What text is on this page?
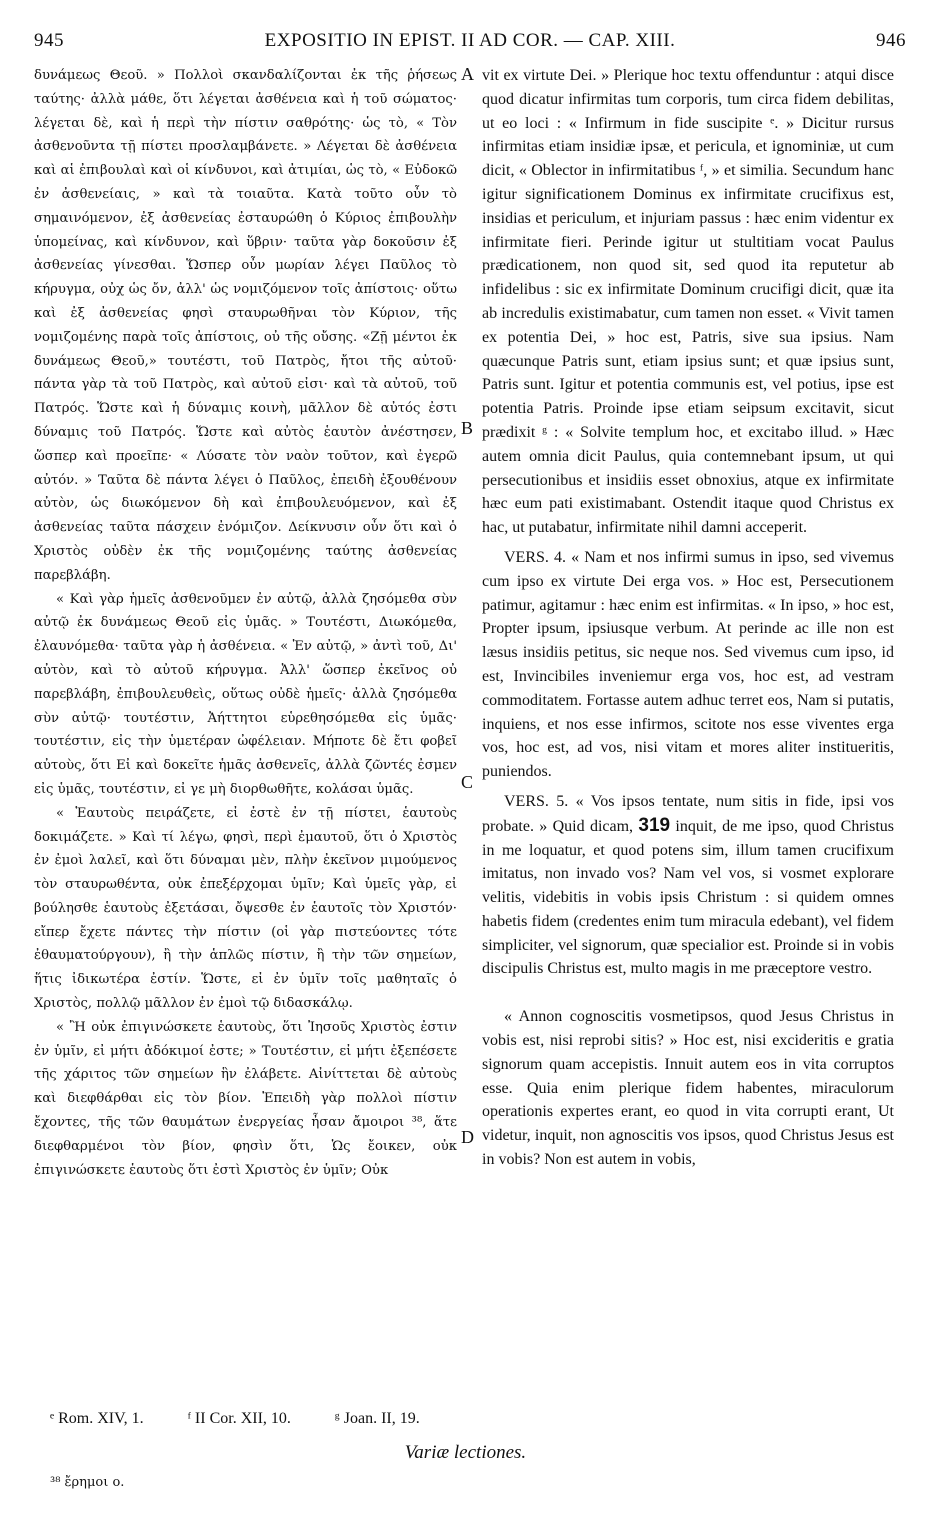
945	EXPOSITIO IN EPIST. II AD COR. — CAP. XIII.	946

δυνάμεως Θεοῦ. » Πολλοὶ σκανδαλίζονται ἐκ τῆς ῥήσεως ταύτης· ἀλλὰ μάθε, ὅτι λέγεται ἀσθένεια καὶ ἡ τοῦ σώματος· λέγεται δὲ, καὶ ἡ περὶ τὴν πίστιν σαθρότης· ὡς τὸ, « Τὸν ἀσθενοῦντα τῇ πίστει προσλαμβάνετε. » Λέγεται δὲ ἀσθένεια καὶ αἱ ἐπιβουλαὶ καὶ οἱ κίνδυνοι, καὶ ἀτιμίαι, ὡς τὸ, « Εὐδοκῶ ἐν ἀσθενείαις, » καὶ τὰ τοιαῦτα. Κατὰ τοῦτο οὖν τὸ σημαινόμενον, ἐξ ἀσθενείας ἐσταυρώθη ὁ Κύριος ἐπιβουλὴν ὑπομείνας, καὶ κίνδυνον, καὶ ὕβριν· ταῦτα γὰρ δοκοῦσιν ἐξ ἀσθενείας γίνεσθαι. Ὥσπερ οὖν μωρίαν λέγει Παῦλος τὸ κήρυγμα, οὐχ ὡς ὄν, ἀλλ' ὡς νομιζόμενον τοῖς ἀπίστοις· οὕτω καὶ ἐξ ἀσθενείας φησὶ σταυρωθῆναι τὸν Κύριον, τῆς νομιζομένης παρὰ τοῖς ἀπίστοις, οὐ τῆς οὔσης. «Ζῇ μέντοι ἐκ δυνάμεως Θεοῦ,» τουτέστι, τοῦ Πατρὸς, ἤτοι τῆς αὐτοῦ· πάντα γὰρ τὰ τοῦ Πατρὸς, καὶ αὐτοῦ εἰσι· καὶ τὰ αὐτοῦ, τοῦ Πατρός. Ὥστε καὶ ἡ δύναμις κοινὴ, μᾶλλον δὲ αὐτός ἐστι δύναμις τοῦ Πατρός. Ὥστε καὶ αὐτὸς ἑαυτὸν ἀνέστησεν, ὥσπερ καὶ προεῖπε· « Λύσατε τὸν ναὸν τοῦτον, καὶ ἐγερῶ αὐτόν. » Ταῦτα δὲ πάντα λέγει ὁ Παῦλος, ἐπειδὴ ἐξουθένουν αὐτὸν, ὡς διωκόμενον δὴ καὶ ἐπιβουλευόμενον, καὶ ἐξ ἀσθενείας ταῦτα πάσχειν ἐνόμιζον. Δείκνυσιν οὖν ὅτι καὶ ὁ Χριστὸς οὐδὲν ἐκ τῆς νομιζομένης ταύτης ἀσθενείας παρεβλάβη.

« Καὶ γὰρ ἡμεῖς ἀσθενοῦμεν ἐν αὐτῷ, ἀλλὰ ζησόμεθα σὺν αὐτῷ ἐκ δυνάμεως Θεοῦ εἰς ὑμᾶς. » Τουτέστι, Διωκόμεθα, ἐλαυνόμεθα· ταῦτα γὰρ ἡ ἀσθένεια. « Ἐν αὐτῷ, » ἀντὶ τοῦ, Δι' αὐτὸν, καὶ τὸ αὐτοῦ κήρυγμα. Ἀλλ' ὥσπερ ἐκεῖνος οὐ παρεβλάβη, ἐπιβουλευθεὶς, οὕτως οὐδὲ ἡμεῖς· ἀλλὰ ζησόμεθα σὺν αὐτῷ· τουτέστιν, Ἀήττητοι εὑρεθησόμεθα εἰς ὑμᾶς· τουτέστιν, εἰς τὴν ὑμετέραν ὠφέλειαν. Μήποτε δὲ ἔτι φοβεῖ αὐτοὺς, ὅτι Εἰ καὶ δοκεῖτε ἡμᾶς ἀσθενεῖς, ἀλλὰ ζῶντές ἐσμεν εἰς ὑμᾶς, τουτέστιν, εἰ γε μὴ διορθωθῆτε, κολάσαι ὑμᾶς.

« Ἑαυτοὺς πειράζετε, εἰ ἐστὲ ἐν τῇ πίστει, ἑαυτοὺς δοκιμάζετε. » Καὶ τί λέγω, φησὶ, περὶ ἐμαυτοῦ, ὅτι ὁ Χριστὸς ἐν ἐμοὶ λαλεῖ, καὶ ὅτι δύναμαι μὲν, πλὴν ἐκεῖνον μιμούμενος τὸν σταυρωθέντα, οὐκ ἐπεξέρχομαι ὑμῖν; Καὶ ὑμεῖς γὰρ, εἰ βούλησθε ἑαυτοὺς ἐξετάσαι, ὄψεσθε ἐν ἑαυτοῖς τὸν Χριστόν· εἴπερ ἔχετε πάντες τὴν πίστιν (οἱ γὰρ πιστεύοντες τότε ἐθαυματούργουν), ἢ τὴν ἁπλῶς πίστιν, ἢ τὴν τῶν σημείων, ἥτις ἰδικωτέρα ἐστίν. Ὥστε, εἰ ἐν ὑμῖν τοῖς μαθηταῖς ὁ Χριστὸς, πολλῷ μᾶλλον ἐν ἐμοὶ τῷ διδασκάλῳ.

« Ἢ οὐκ ἐπιγινώσκετε ἑαυτοὺς, ὅτι Ἰησοῦς Χριστὸς ἐστιν ἐν ὑμῖν, εἰ μήτι ἀδόκιμοί ἐστε; » Τουτέστιν, εἰ μήτι ἐξεπέσετε τῆς χάριτος τῶν σημείων ἣν ἐλάβετε. Αἰνίττεται δὲ αὐτοὺς καὶ διεφθάρθαι εἰς τὸν βίον. Ἐπειδὴ γὰρ πολλοὶ πίστιν ἔχοντες, τῆς τῶν θαυμάτων ἐνεργείας ἦσαν ἄμοιροι ³⁸, ἅτε διεφθαρμένοι τὸν βίον, φησὶν ὅτι, Ὡς ἔοικεν, οὐκ ἐπιγινώσκετε ἑαυτοὺς ὅτι ἐστὶ Χριστὸς ἐν ὑμῖν; Οὐκ

A
B
C
D

vit ex virtute Dei. » Plerique hoc textu offenduntur : atqui disce quod dicatur infirmitas tum corporis, tum circa fidem debilitas, ut eo loci : « Infirmum in fide suscipite ᵉ. » Dicitur rursus infirmitas etiam insidiæ ipsæ, et pericula, et ignominiæ, ut cum dicit, « Oblector in infirmitatibus ᶠ, » et similia. Secundum hanc igitur significationem Dominus ex infirmitate crucifixus est, insidias et periculum, et injuriam passus : hæc enim videntur ex infirmitate fieri. Perinde igitur ut stultitiam vocat Paulus prædicationem, non quod sit, sed quod ita reputetur ab infidelibus : sic ex infirmitate Dominum crucifigi dicit, quæ ita ab incredulis existimabatur, cum tamen non esset. « Vivit tamen ex potentia Dei, » hoc est, Patris, sive sua ipsius. Nam quæcunque Patris sunt, etiam ipsius sunt; et quæ ipsius sunt, Patris sunt. Igitur et potentia communis est, vel potius, ipse est potentia Patris. Proinde ipse etiam seipsum excitavit, sicut prædixit ᵍ : « Solvite templum hoc, et excitabo illud. » Hæc autem omnia dicit Paulus, quia contemnebant ipsum, ut qui persecutionibus et insidiis esset obnoxius, atque ex infirmitate hæc eum pati existimabant. Ostendit itaque quod Christus ex hac, ut putabatur, infirmitate nihil damni acceperit.

VERS. 4. « Nam et nos infirmi sumus in ipso, sed vivemus cum ipso ex virtute Dei erga vos. » Hoc est, Persecutionem patimur, agitamur : hæc enim est infirmitas. « In ipso, » hoc est, Propter ipsum, ipsiusque verbum. At perinde ac ille non est læsus insidiis petitus, sic neque nos. Sed vivemus cum ipso, id est, Invincibiles inveniemur erga vos, hoc est, ad vestram commoditatem. Fortasse autem adhuc terret eos, Nam si putatis, inquiens, et nos esse infirmos, scitote nos esse viventes erga vos, hoc est, ad vos, nisi vitam et mores aliter institueritis, puniendos.

VERS. 5. « Vos ipsos tentate, num sitis in fide, ipsi vos probate. » Quid dicam, 319 inquit, de me ipso, quod Christus in me loquatur, et quod potens sim, illum tamen crucifixum imitatus, non invado vos? Nam vel vos, si vosmet explorare velitis, videbitis in vobis ipsis Christum : si quidem omnes habetis fidem (credentes enim tum miracula edebant), vel fidem simpliciter, vel signorum, quæ specialior est. Proinde si in vobis discipulis Christus est, multo magis in me præceptore vestro.

« Annon cognoscitis vosmetipsos, quod Jesus Christus in vobis est, nisi reprobi sitis? » Hoc est, nisi excideritis e gratia signorum quam accepistis. Innuit autem eos in vita corruptos esse. Quia enim plerique fidem habentes, miraculorum operationis expertes erant, eo quod in vita corrupti erant, Ut videtur, inquit, non agnoscitis vos ipsos, quod Christus Jesus est in vobis? Non est autem in vobis,

ᵉ Rom. XIV, 1.	ᶠ II Cor. XII, 10.	ᵍ Joan. II, 19.
Variæ lectiones.
³⁸ ἔρημοι ο.
